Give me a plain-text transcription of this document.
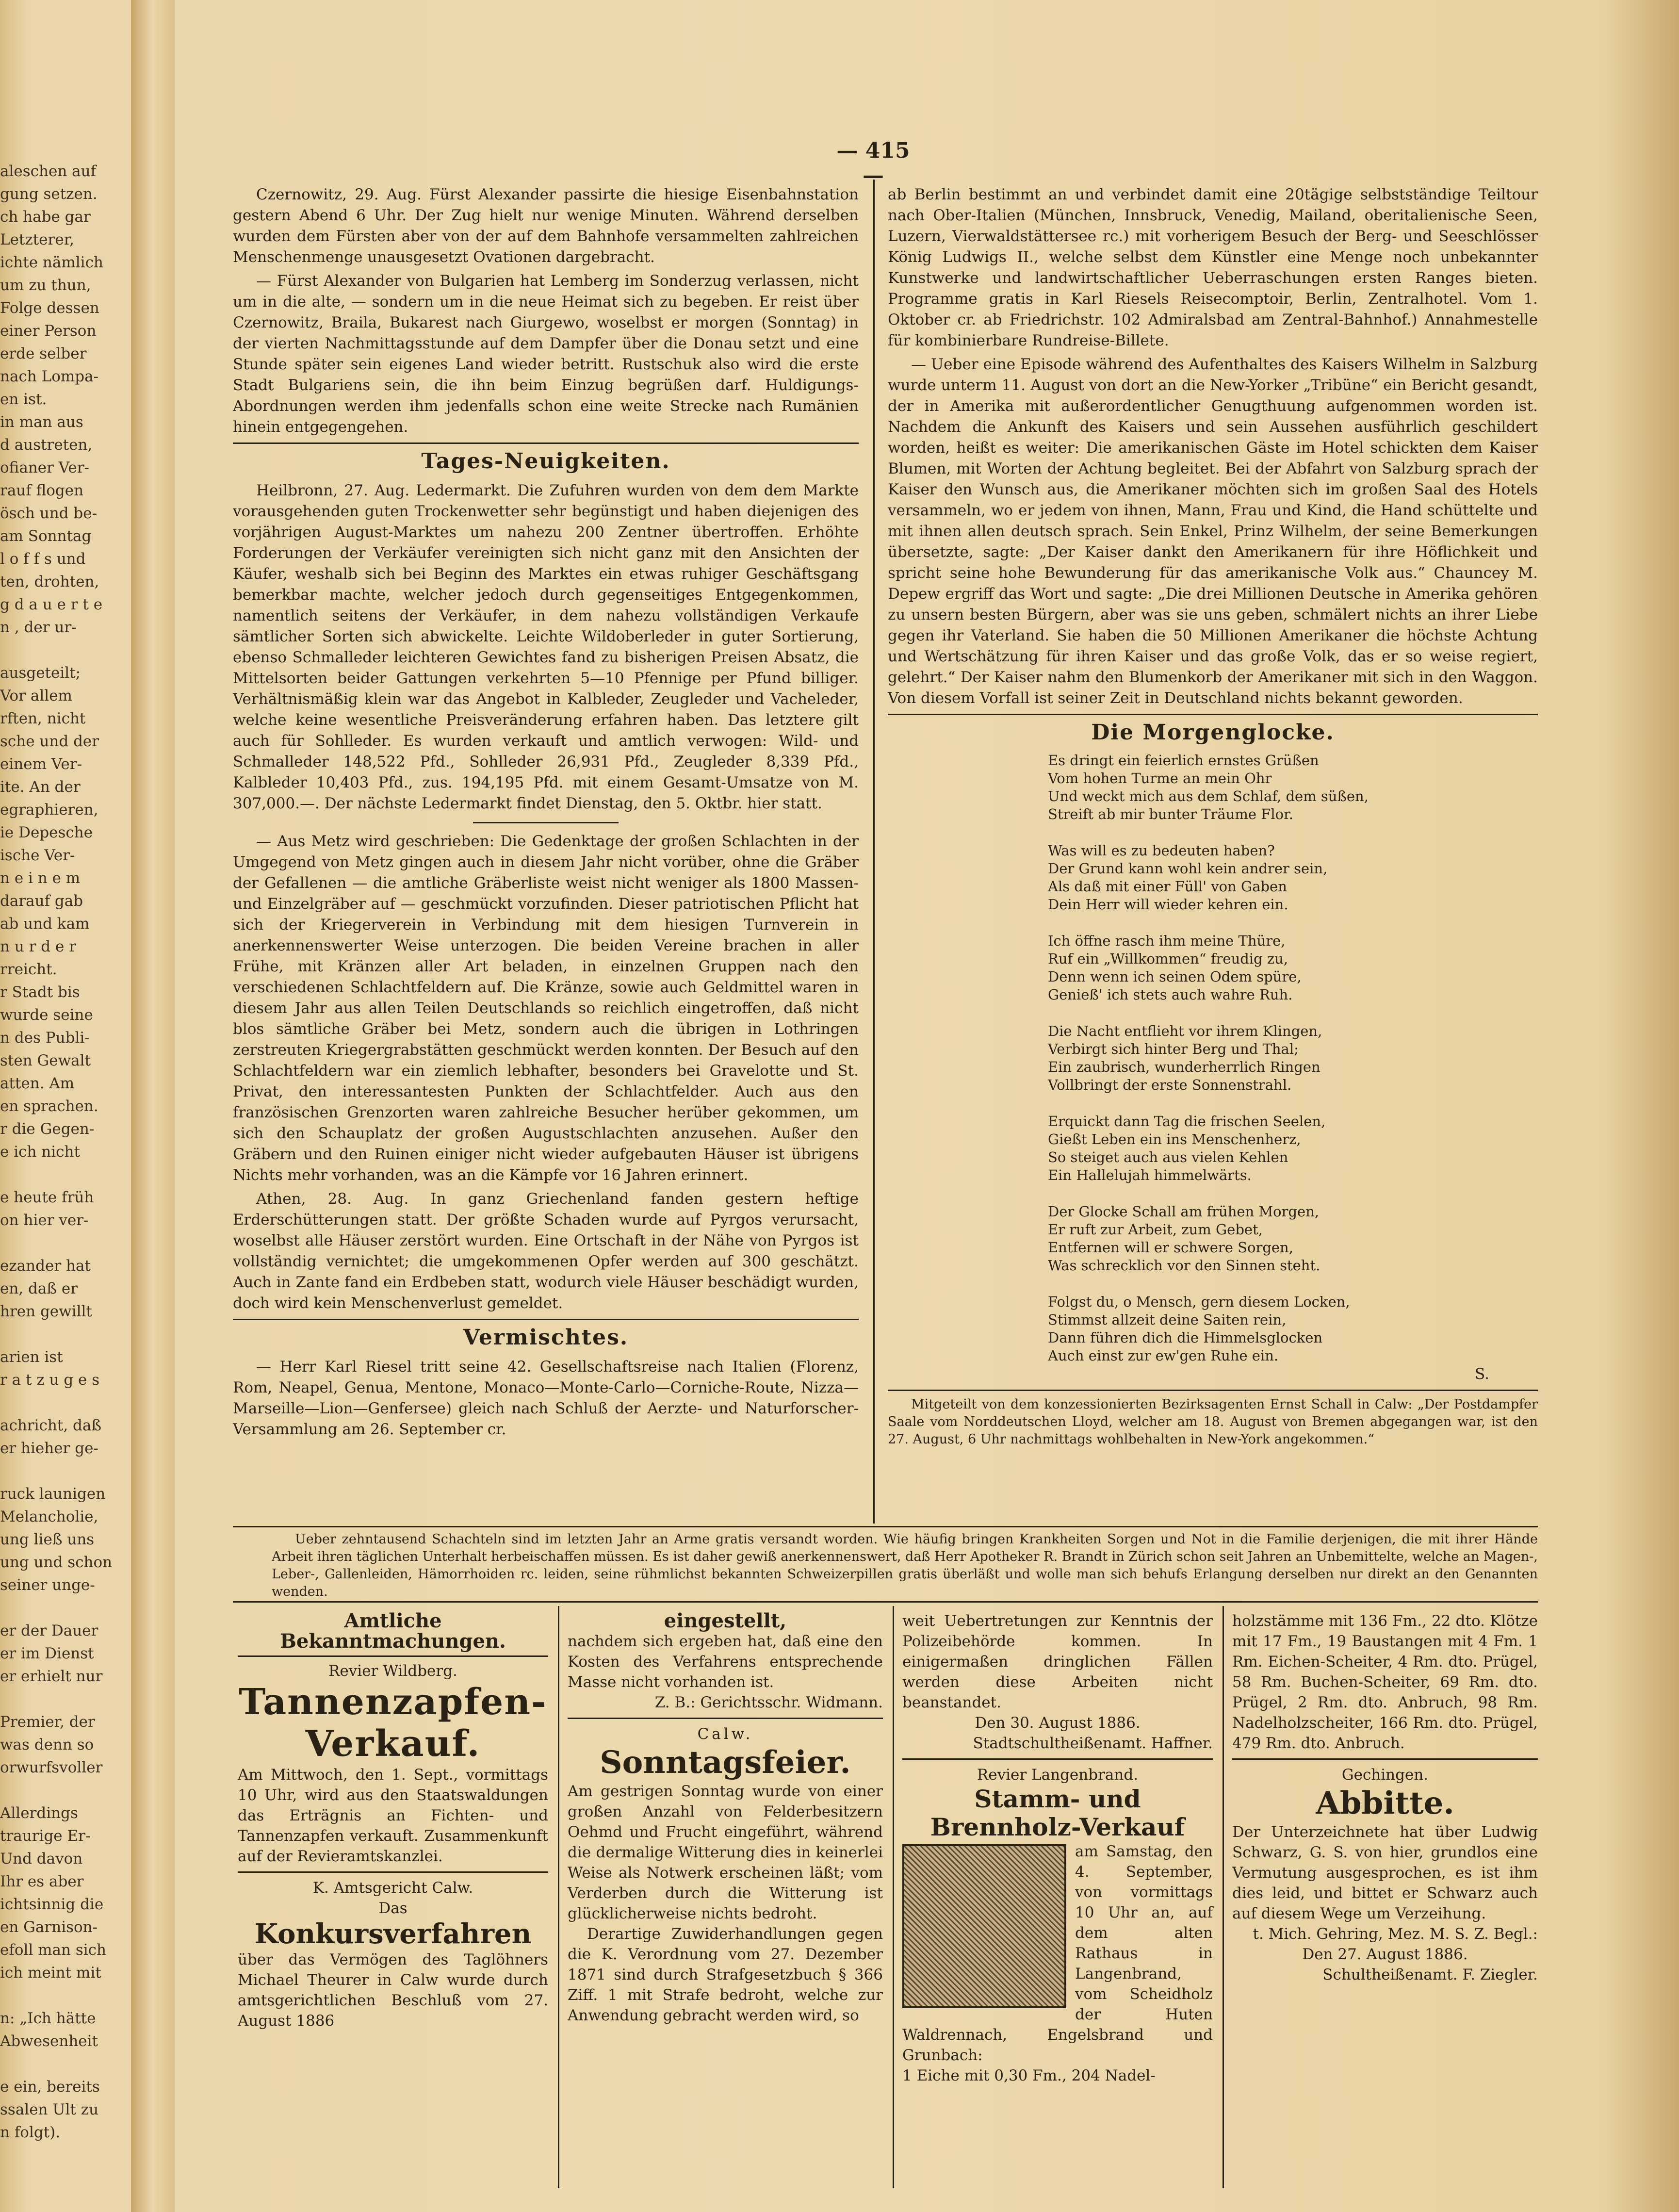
aleschen auf
gung setzen.
ch habe gar
Letzterer,
ichte nämlich
um zu thun,
Folge dessen
einer Person
erde selber
nach Lompa-
en ist.
in man aus
d austreten,
ofianer Ver-
rauf flogen
ösch und be-
am Sonntag
l o f f s und
ten, drohten,
g d a u e r t e
n , der ur-
ausgeteilt;
Vor allem
rften, nicht
sche und der
einem Ver-
ite. An der
egraphieren,
ie Depesche
ische Ver-
n e i n e m
darauf gab
ab und kam
n u r d e r
rreicht.
r Stadt bis
wurde seine
n des Publi-
sten Gewalt
atten. Am
en sprachen.
r die Gegen-
e ich nicht
e heute früh
on hier ver-
ezander hat
en, daß er
hren gewillt
arien ist
r a t z u g e s
achricht, daß
er hieher ge-
ruck launigen
Melancholie,
ung ließ uns
ung und schon
seiner unge-
er der Dauer
er im Dienst
er erhielt nur
Premier, der
was denn so
orwurfsvoller
Allerdings
traurige Er-
Und davon
Ihr es aber
ichtsinnig die
en Garnison-
efoll man sich
ich meint mit
n: „Ich hätte
Abwesenheit
e ein, bereits
ssalen Ult zu
n folgt).
— 415 —

Czernowitz, 29. Aug. Fürst Alexander passirte die hiesige Eisenbahnstation gestern Abend 6 Uhr. Der Zug hielt nur wenige Minuten. Während derselben wurden dem Fürsten aber von der auf dem Bahnhofe versammelten zahlreichen Menschenmenge unausgesetzt Ovationen dargebracht.

— Fürst Alexander von Bulgarien hat Lemberg im Sonderzug verlassen, nicht um in die alte, — sondern um in die neue Heimat sich zu begeben. Er reist über Czernowitz, Braila, Bukarest nach Giurgewo, woselbst er morgen (Sonntag) in der vierten Nachmittagsstunde auf dem Dampfer über die Donau setzt und eine Stunde später sein eigenes Land wieder betritt. Rustschuk also wird die erste Stadt Bulgariens sein, die ihn beim Einzug begrüßen darf. Huldigungs-Abordnungen werden ihm jedenfalls schon eine weite Strecke nach Rumänien hinein entgegengehen.

Tages-Neuigkeiten.

Heilbronn, 27. Aug. Ledermarkt. Die Zufuhren wurden von dem dem Markte vorausgehenden guten Trockenwetter sehr begünstigt und haben diejenigen des vorjährigen August-Marktes um nahezu 200 Zentner übertroffen. Erhöhte Forderungen der Verkäufer vereinigten sich nicht ganz mit den Ansichten der Käufer, weshalb sich bei Beginn des Marktes ein etwas ruhiger Geschäftsgang bemerkbar machte, welcher jedoch durch gegenseitiges Entgegenkommen, namentlich seitens der Verkäufer, in dem nahezu vollständigen Verkaufe sämtlicher Sorten sich abwickelte. Leichte Wildoberleder in guter Sortierung, ebenso Schmalleder leichteren Gewichtes fand zu bisherigen Preisen Absatz, die Mittelsorten beider Gattungen verkehrten 5—10 Pfennige per Pfund billiger. Verhältnismäßig klein war das Angebot in Kalbleder, Zeugleder und Vacheleder, welche keine wesentliche Preisveränderung erfahren haben. Das letztere gilt auch für Sohlleder. Es wurden verkauft und amtlich verwogen: Wild- und Schmalleder 148,522 Pfd., Sohlleder 26,931 Pfd., Zeugleder 8,339 Pfd., Kalbleder 10,403 Pfd., zus. 194,195 Pfd. mit einem Gesamt-Umsatze von M. 307,000.—. Der nächste Ledermarkt findet Dienstag, den 5. Oktbr. hier statt.

— Aus Metz wird geschrieben: Die Gedenktage der großen Schlachten in der Umgegend von Metz gingen auch in diesem Jahr nicht vorüber, ohne die Gräber der Gefallenen — die amtliche Gräberliste weist nicht weniger als 1800 Massen- und Einzelgräber auf — geschmückt vorzufinden. Dieser patriotischen Pflicht hat sich der Kriegerverein in Verbindung mit dem hiesigen Turnverein in anerkennenswerter Weise unterzogen. Die beiden Vereine brachen in aller Frühe, mit Kränzen aller Art beladen, in einzelnen Gruppen nach den verschiedenen Schlachtfeldern auf. Die Kränze, sowie auch Geldmittel waren in diesem Jahr aus allen Teilen Deutschlands so reichlich eingetroffen, daß nicht blos sämtliche Gräber bei Metz, sondern auch die übrigen in Lothringen zerstreuten Kriegergrabstätten geschmückt werden konnten. Der Besuch auf den Schlachtfeldern war ein ziemlich lebhafter, besonders bei Gravelotte und St. Privat, den interessantesten Punkten der Schlachtfelder. Auch aus den französischen Grenzorten waren zahlreiche Besucher herüber gekommen, um sich den Schauplatz der großen Augustschlachten anzusehen. Außer den Gräbern und den Ruinen einiger nicht wieder aufgebauten Häuser ist übrigens Nichts mehr vorhanden, was an die Kämpfe vor 16 Jahren erinnert.

Athen, 28. Aug. In ganz Griechenland fanden gestern heftige Erderschütterungen statt. Der größte Schaden wurde auf Pyrgos verursacht, woselbst alle Häuser zerstört wurden. Eine Ortschaft in der Nähe von Pyrgos ist vollständig vernichtet; die umgekommenen Opfer werden auf 300 geschätzt. Auch in Zante fand ein Erdbeben statt, wodurch viele Häuser beschädigt wurden, doch wird kein Menschenverlust gemeldet.

Vermischtes.

— Herr Karl Riesel tritt seine 42. Gesellschaftsreise nach Italien (Florenz, Rom, Neapel, Genua, Mentone, Monaco—Monte-Carlo—Corniche-Route, Nizza—Marseille—Lion—Genfersee) gleich nach Schluß der Aerzte- und Naturforscher-Versammlung am 26. September cr.

ab Berlin bestimmt an und verbindet damit eine 20tägige selbstständige Teiltour nach Ober-Italien (München, Innsbruck, Venedig, Mailand, oberitalienische Seen, Luzern, Vierwaldstättersee rc.) mit vorherigem Besuch der Berg- und Seeschlösser König Ludwigs II., welche selbst dem Künstler eine Menge noch unbekannter Kunstwerke und landwirtschaftlicher Ueberraschungen ersten Ranges bieten. Programme gratis in Karl Riesels Reisecomptoir, Berlin, Zentralhotel. Vom 1. Oktober cr. ab Friedrichstr. 102 Admiralsbad am Zentral-Bahnhof.) Annahmestelle für kombinierbare Rundreise-Billete.

— Ueber eine Episode während des Aufenthaltes des Kaisers Wilhelm in Salzburg wurde unterm 11. August von dort an die New-Yorker „Tribüne“ ein Bericht gesandt, der in Amerika mit außerordentlicher Genugthuung aufgenommen worden ist. Nachdem die Ankunft des Kaisers und sein Aussehen ausführlich geschildert worden, heißt es weiter: Die amerikanischen Gäste im Hotel schickten dem Kaiser Blumen, mit Worten der Achtung begleitet. Bei der Abfahrt von Salzburg sprach der Kaiser den Wunsch aus, die Amerikaner möchten sich im großen Saal des Hotels versammeln, wo er jedem von ihnen, Mann, Frau und Kind, die Hand schüttelte und mit ihnen allen deutsch sprach. Sein Enkel, Prinz Wilhelm, der seine Bemerkungen übersetzte, sagte: „Der Kaiser dankt den Amerikanern für ihre Höflichkeit und spricht seine hohe Bewunderung für das amerikanische Volk aus.“ Chauncey M. Depew ergriff das Wort und sagte: „Die drei Millionen Deutsche in Amerika gehören zu unsern besten Bürgern, aber was sie uns geben, schmälert nichts an ihrer Liebe gegen ihr Vaterland. Sie haben die 50 Millionen Amerikaner die höchste Achtung und Wertschätzung für ihren Kaiser und das große Volk, das er so weise regiert, gelehrt.“ Der Kaiser nahm den Blumenkorb der Amerikaner mit sich in den Waggon. Von diesem Vorfall ist seiner Zeit in Deutschland nichts bekannt geworden.

Die Morgenglocke.
Es dringt ein feierlich ernstes Grüßen
Vom hohen Turme an mein Ohr
Und weckt mich aus dem Schlaf, dem süßen,
Streift ab mir bunter Träume Flor.
Was will es zu bedeuten haben?
Der Grund kann wohl kein andrer sein,
Als daß mit einer Füll' von Gaben
Dein Herr will wieder kehren ein.
Ich öffne rasch ihm meine Thüre,
Ruf ein „Willkommen“ freudig zu,
Denn wenn ich seinen Odem spüre,
Genieß' ich stets auch wahre Ruh.
Die Nacht entflieht vor ihrem Klingen,
Verbirgt sich hinter Berg und Thal;
Ein zaubrisch, wunderherrlich Ringen
Vollbringt der erste Sonnenstrahl.
Erquickt dann Tag die frischen Seelen,
Gießt Leben ein ins Menschenherz,
So steiget auch aus vielen Kehlen
Ein Hallelujah himmelwärts.
Der Glocke Schall am frühen Morgen,
Er ruft zur Arbeit, zum Gebet,
Entfernen will er schwere Sorgen,
Was schrecklich vor den Sinnen steht.
Folgst du, o Mensch, gern diesem Locken,
Stimmst allzeit deine Saiten rein,
Dann führen dich die Himmelsglocken
Auch einst zur ew'gen Ruhe ein.
S.

Mitgeteilt von dem konzessionierten Bezirksagenten Ernst Schall in Calw: „Der Postdampfer Saale vom Norddeutschen Lloyd, welcher am 18. August von Bremen abgegangen war, ist den 27. August, 6 Uhr nachmittags wohlbehalten in New-York angekommen.“

Ueber zehntausend Schachteln sind im letzten Jahr an Arme gratis versandt worden. Wie häufig bringen Krankheiten Sorgen und Not in die Familie derjenigen, die mit ihrer Hände Arbeit ihren täglichen Unterhalt herbeischaffen müssen. Es ist daher gewiß anerkennenswert, daß Herr Apotheker R. Brandt in Zürich schon seit Jahren an Unbemittelte, welche an Magen-, Leber-, Gallenleiden, Hämorrhoiden rc. leiden, seine rühmlichst bekannten Schweizerpillen gratis überläßt und wolle man sich behufs Erlangung derselben nur direkt an den Genannten wenden.

Amtliche Bekanntmachungen.
Revier Wildberg.
Tannenzapfen-Verkauf.
Am Mittwoch, den 1. Sept., vormittags 10 Uhr, wird aus den Staatswaldungen das Erträgnis an Fichten- und Tannenzapfen verkauft. Zusammenkunft auf der Revieramtskanzlei.
K. Amtsgericht Calw.
Das
Konkursverfahren
über das Vermögen des Taglöhners Michael Theurer in Calw wurde durch amtsgerichtlichen Beschluß vom 27. August 1886
eingestellt,
nachdem sich ergeben hat, daß eine den Kosten des Verfahrens entsprechende Masse nicht vorhanden ist.
Z. B.: Gerichtsschr. Widmann.
Calw.
Sonntagsfeier.
Am gestrigen Sonntag wurde von einer großen Anzahl von Felderbesitzern Oehmd und Frucht eingeführt, während die dermalige Witterung dies in keinerlei Weise als Notwerk erscheinen läßt; vom Verderben durch die Witterung ist glücklicherweise nichts bedroht.
Derartige Zuwiderhandlungen gegen die K. Verordnung vom 27. Dezember 1871 sind durch Strafgesetzbuch § 366 Ziff. 1 mit Strafe bedroht, welche zur Anwendung gebracht werden wird, so
weit Uebertretungen zur Kenntnis der Polizeibehörde kommen. In einigermaßen dringlichen Fällen werden diese Arbeiten nicht beanstandet.
Den 30. August 1886.
Stadtschultheißenamt. Haffner.
Revier Langenbrand.
Stamm- und Brennholz-Verkauf
am Samstag, den 4. September, von vormittags 10 Uhr an, auf dem alten Rathaus in Langenbrand, vom Scheidholz der Huten Waldrennach, Engelsbrand und Grunbach:
1 Eiche mit 0,30 Fm., 204 Nadel-
holzstämme mit 136 Fm., 22 dto. Klötze mit 17 Fm., 19 Baustangen mit 4 Fm. 1 Rm. Eichen-Scheiter, 4 Rm. dto. Prügel, 58 Rm. Buchen-Scheiter, 69 Rm. dto. Prügel, 2 Rm. dto. Anbruch, 98 Rm. Nadelholzscheiter, 166 Rm. dto. Prügel, 479 Rm. dto. Anbruch.
Gechingen.
Abbitte.
Der Unterzeichnete hat über Ludwig Schwarz, G. S. von hier, grundlos eine Vermutung ausgesprochen, es ist ihm dies leid, und bittet er Schwarz auch auf diesem Wege um Verzeihung.
t. Mich. Gehring, Mez. M. S. Z. Begl.:
Den 27. August 1886.
Schultheißenamt. F. Ziegler.
